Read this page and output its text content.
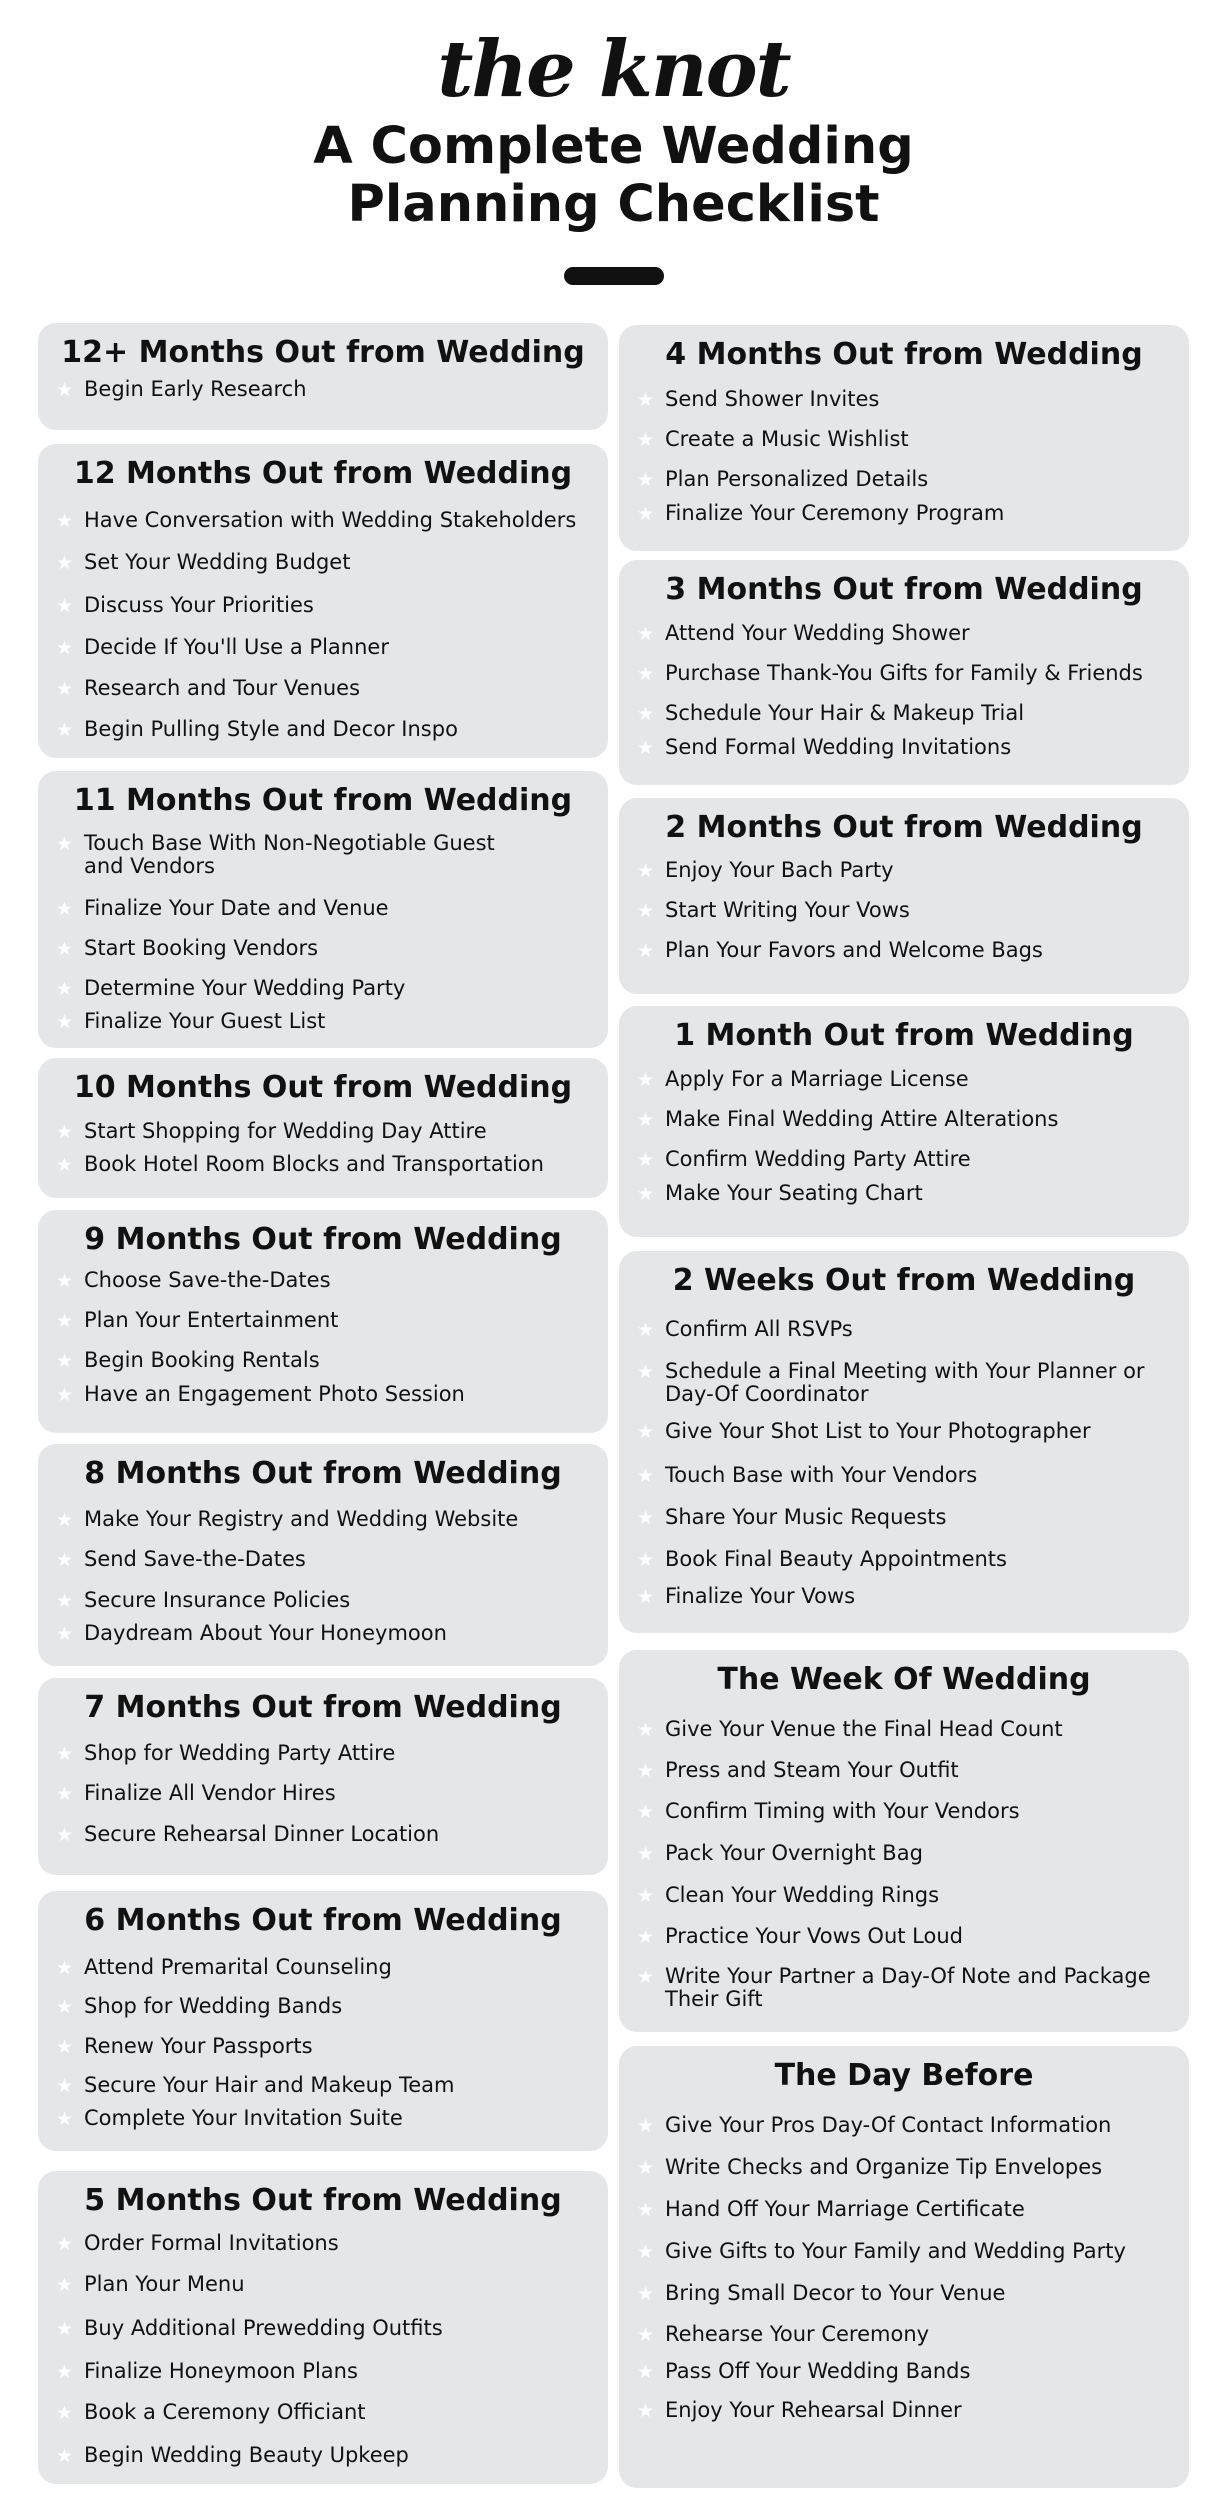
the knot
A Complete Wedding
Planning Checklist
12+ Months Out from Wedding
★ Begin Early Research
12 Months Out from Wedding
★ Have Conversation with Wedding Stakeholders
★ Set Your Wedding Budget
★ Discuss Your Priorities
★ Decide If You'll Use a Planner
★ Research and Tour Venues
★ Begin Pulling Style and Decor Inspo
11 Months Out from Wedding
★ Touch Base With Non-Negotiable Guest
and Vendors
★ Finalize Your Date and Venue
★ Start Booking Vendors
★ Determine Your Wedding Party
★ Finalize Your Guest List
10 Months Out from Wedding
★ Start Shopping for Wedding Day Attire
★ Book Hotel Room Blocks and Transportation
9 Months Out from Wedding
★ Choose Save-the-Dates
★ Plan Your Entertainment
★ Begin Booking Rentals
★ Have an Engagement Photo Session
8 Months Out from Wedding
★ Make Your Registry and Wedding Website
★ Send Save-the-Dates
★ Secure Insurance Policies
★ Daydream About Your Honeymoon
7 Months Out from Wedding
★ Shop for Wedding Party Attire
★ Finalize All Vendor Hires
★ Secure Rehearsal Dinner Location
6 Months Out from Wedding
★ Attend Premarital Counseling
★ Shop for Wedding Bands
★ Renew Your Passports
★ Secure Your Hair and Makeup Team
★ Complete Your Invitation Suite
5 Months Out from Wedding
★ Order Formal Invitations
★ Plan Your Menu
★ Buy Additional Prewedding Outfits
★ Finalize Honeymoon Plans
★ Book a Ceremony Officiant
★ Begin Wedding Beauty Upkeep
4 Months Out from Wedding
★ Send Shower Invites
★ Create a Music Wishlist
★ Plan Personalized Details
★ Finalize Your Ceremony Program
3 Months Out from Wedding
★ Attend Your Wedding Shower
★ Purchase Thank-You Gifts for Family & Friends
★ Schedule Your Hair & Makeup Trial
★ Send Formal Wedding Invitations
2 Months Out from Wedding
★ Enjoy Your Bach Party
★ Start Writing Your Vows
★ Plan Your Favors and Welcome Bags
1 Month Out from Wedding
★ Apply For a Marriage License
★ Make Final Wedding Attire Alterations
★ Confirm Wedding Party Attire
★ Make Your Seating Chart
2 Weeks Out from Wedding
★ Confirm All RSVPs
★ Schedule a Final Meeting with Your Planner or
Day-Of Coordinator
★ Give Your Shot List to Your Photographer
★ Touch Base with Your Vendors
★ Share Your Music Requests
★ Book Final Beauty Appointments
★ Finalize Your Vows
The Week Of Wedding
★ Give Your Venue the Final Head Count
★ Press and Steam Your Outfit
★ Confirm Timing with Your Vendors
★ Pack Your Overnight Bag
★ Clean Your Wedding Rings
★ Practice Your Vows Out Loud
★ Write Your Partner a Day-Of Note and Package
Their Gift
The Day Before
★ Give Your Pros Day-Of Contact Information
★ Write Checks and Organize Tip Envelopes
★ Hand Off Your Marriage Certificate
★ Give Gifts to Your Family and Wedding Party
★ Bring Small Decor to Your Venue
★ Rehearse Your Ceremony
★ Pass Off Your Wedding Bands
★ Enjoy Your Rehearsal Dinner
